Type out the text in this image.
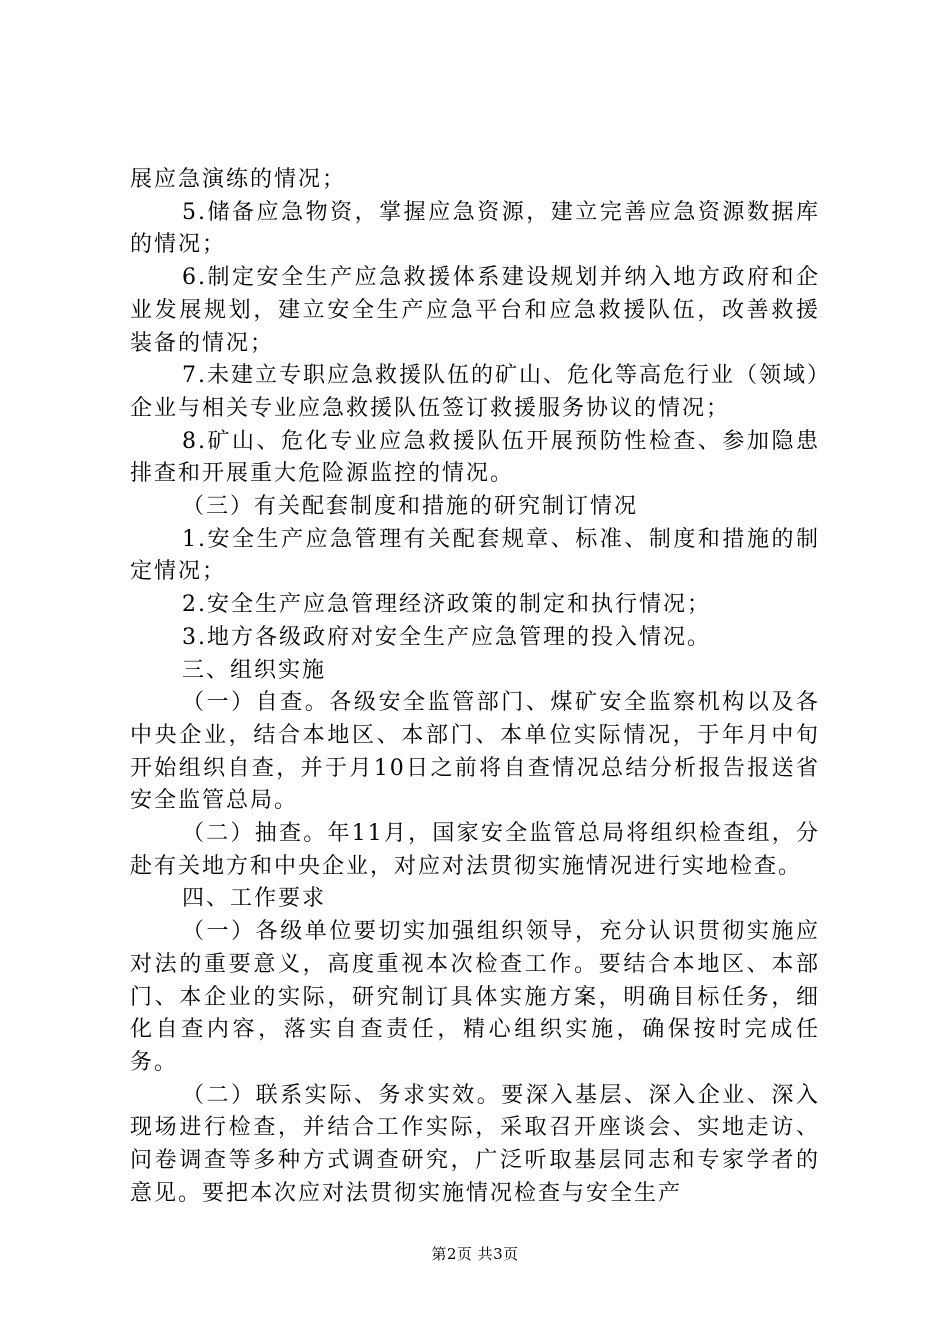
展应急演练的情况；

5.储备应急物资，掌握应急资源，建立完善应急资源数据库的情况；

6.制定安全生产应急救援体系建设规划并纳入地方政府和企业发展规划，建立安全生产应急平台和应急救援队伍，改善救援装备的情况；

7.未建立专职应急救援队伍的矿山、危化等高危行业（领域）企业与相关专业应急救援队伍签订救援服务协议的情况；

8.矿山、危化专业应急救援队伍开展预防性检查、参加隐患排查和开展重大危险源监控的情况。

（三）有关配套制度和措施的研究制订情况

1.安全生产应急管理有关配套规章、标准、制度和措施的制定情况；

2.安全生产应急管理经济政策的制定和执行情况；

3.地方各级政府对安全生产应急管理的投入情况。

三、组织实施

（一）自查。各级安全监管部门、煤矿安全监察机构以及各中央企业，结合本地区、本部门、本单位实际情况，于年月中旬开始组织自查，并于月10日之前将自查情况总结分析报告报送省安全监管总局。

（二）抽查。年11月，国家安全监管总局将组织检查组，分赴有关地方和中央企业，对应对法贯彻实施情况进行实地检查。

四、工作要求

（一）各级单位要切实加强组织领导，充分认识贯彻实施应对法的重要意义，高度重视本次检查工作。要结合本地区、本部门、本企业的实际，研究制订具体实施方案，明确目标任务，细化自查内容，落实自查责任，精心组织实施，确保按时完成任务。

（二）联系实际、务求实效。要深入基层、深入企业、深入现场进行检查，并结合工作实际，采取召开座谈会、实地走访、问卷调查等多种方式调查研究，广泛听取基层同志和专家学者的意见。要把本次应对法贯彻实施情况检查与安全生产

第2页 共3页
